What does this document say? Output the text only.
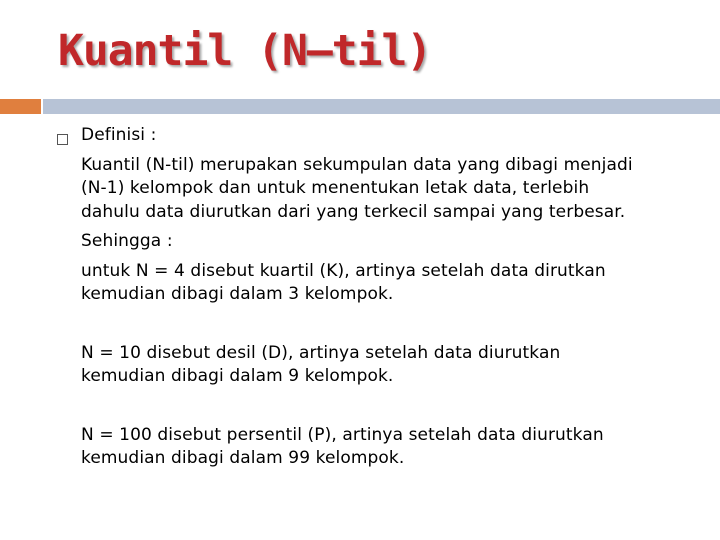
Kuantil (N–til)

Definisi :

Kuantil (N-til) merupakan sekumpulan data yang dibagi menjadi
(N-1) kelompok dan untuk menentukan letak data, terlebih
dahulu data diurutkan dari yang terkecil sampai yang terbesar.

Sehingga :

untuk N = 4 disebut kuartil (K), artinya setelah data dirutkan
kemudian dibagi dalam 3 kelompok.

N = 10 disebut desil (D), artinya setelah data diurutkan
kemudian dibagi dalam 9 kelompok.

N = 100 disebut persentil (P), artinya setelah data diurutkan
kemudian dibagi dalam 99 kelompok.
